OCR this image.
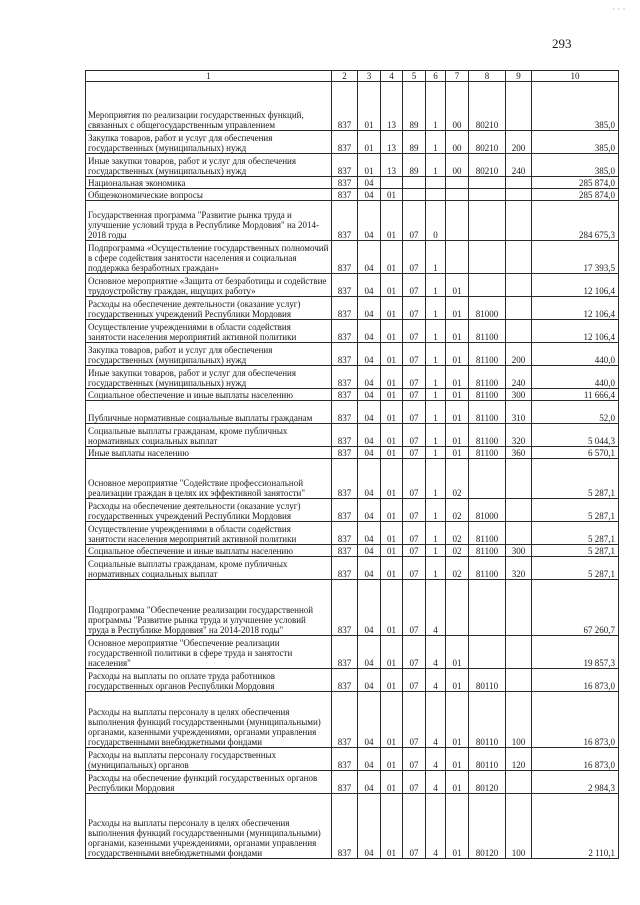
· · ·
293
1	2	3	4	5	6	7	8	9	10
Мероприятия по реализации государственных функций, связанных с общегосударственным управлением	837	01	13	89	1	00	80210		385,0
Закупка товаров, работ и услуг для обеспечения государственных (муниципальных) нужд	837	01	13	89	1	00	80210	200	385,0
Иные закупки товаров, работ и услуг для обеспечения государственных (муниципальных) нужд	837	01	13	89	1	00	80210	240	385,0
Национальная экономика	837	04							285 874,0
Общеэкономические вопросы	837	04	01						285 874,0
Государственная программа "Развитие рынка труда и улучшение условий труда в Республике Мордовия" на 2014-2018 годы	837	04	01	07	0				284 675,3
Подпрограмма «Осуществление государственных полномочий в сфере содействия занятости населения и социальная поддержка безработных граждан»	837	04	01	07	1				17 393,5
Основное мероприятие «Защита от безработицы и содействие трудоустройству граждан, ищущих работу»	837	04	01	07	1	01			12 106,4
Расходы на обеспечение деятельности (оказание услуг) государственных учреждений Республики Мордовия	837	04	01	07	1	01	81000		12 106,4
Осуществление учреждениями в области содействия занятости населения мероприятий активной политики	837	04	01	07	1	01	81100		12 106,4
Закупка товаров, работ и услуг для обеспечения государственных (муниципальных) нужд	837	04	01	07	1	01	81100	200	440,0
Иные закупки товаров, работ и услуг для обеспечения государственных (муниципальных) нужд	837	04	01	07	1	01	81100	240	440,0
Социальное обеспечение и иные выплаты населению	837	04	01	07	1	01	81100	300	11 666,4
Публичные нормативные социальные выплаты гражданам	837	04	01	07	1	01	81100	310	52,0
Социальные выплаты гражданам, кроме публичных нормативных социальных выплат	837	04	01	07	1	01	81100	320	5 044,3
Иные выплаты населению	837	04	01	07	1	01	81100	360	6 570,1
Основное мероприятие "Содействие профессиональной реализации граждан в целях их эффективной занятости"	837	04	01	07	1	02			5 287,1
Расходы на обеспечение деятельности (оказание услуг) государственных учреждений Республики Мордовия	837	04	01	07	1	02	81000		5 287,1
Осуществление учреждениями в области содействия занятости населения мероприятий активной политики	837	04	01	07	1	02	81100		5 287,1
Социальное обеспечение и иные выплаты населению	837	04	01	07	1	02	81100	300	5 287,1
Социальные выплаты гражданам, кроме публичных нормативных социальных выплат	837	04	01	07	1	02	81100	320	5 287,1
Подпрограмма "Обеспечение реализации государственной программы "Развитие рынка труда и улучшение условий труда в Республике Мордовия" на 2014-2018 годы"	837	04	01	07	4				67 260,7
Основное мероприятие "Обеспечение реализации государственной политики в сфере труда и занятости населения"	837	04	01	07	4	01			19 857,3
Расходы на выплаты по оплате труда работников государственных органов Республики Мордовия	837	04	01	07	4	01	80110		16 873,0
Расходы на выплаты персоналу в целях обеспечения выполнения функций государственными (муниципальными) органами, казенными учреждениями, органами управления государственными внебюджетными фондами	837	04	01	07	4	01	80110	100	16 873,0
Расходы на выплаты персоналу государственных (муниципальных) органов	837	04	01	07	4	01	80110	120	16 873,0
Расходы на обеспечение функций государственных органов Республики Мордовия	837	04	01	07	4	01	80120		2 984,3
Расходы на выплаты персоналу в целях обеспечения выполнения функций государственными (муниципальными) органами, казенными учреждениями, органами управления государственными внебюджетными фондами	837	04	01	07	4	01	80120	100	2 110,1
